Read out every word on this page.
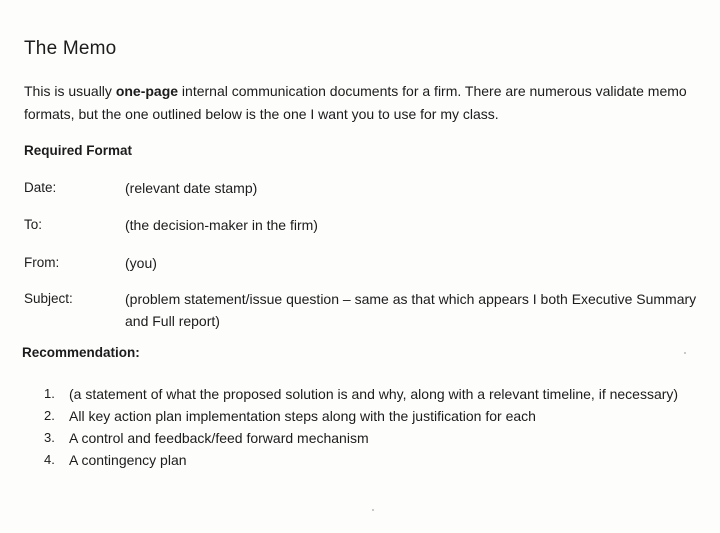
The Memo

This is usually one-page internal communication documents for a firm. There are numerous validate memo formats, but the one outlined below is the one I want you to use for my class.

Required Format
Date:	(relevant date stamp)
To:	(the decision-maker in the firm)
From:	(you)
Subject:	(problem statement/issue question – same as that which appears I both Executive Summary and Full report)
Recommendation:
1. (a statement of what the proposed solution is and why, along with a relevant timeline, if necessary)
2. All key action plan implementation steps along with the justification for each
3. A control and feedback/feed forward mechanism
4. A contingency plan
